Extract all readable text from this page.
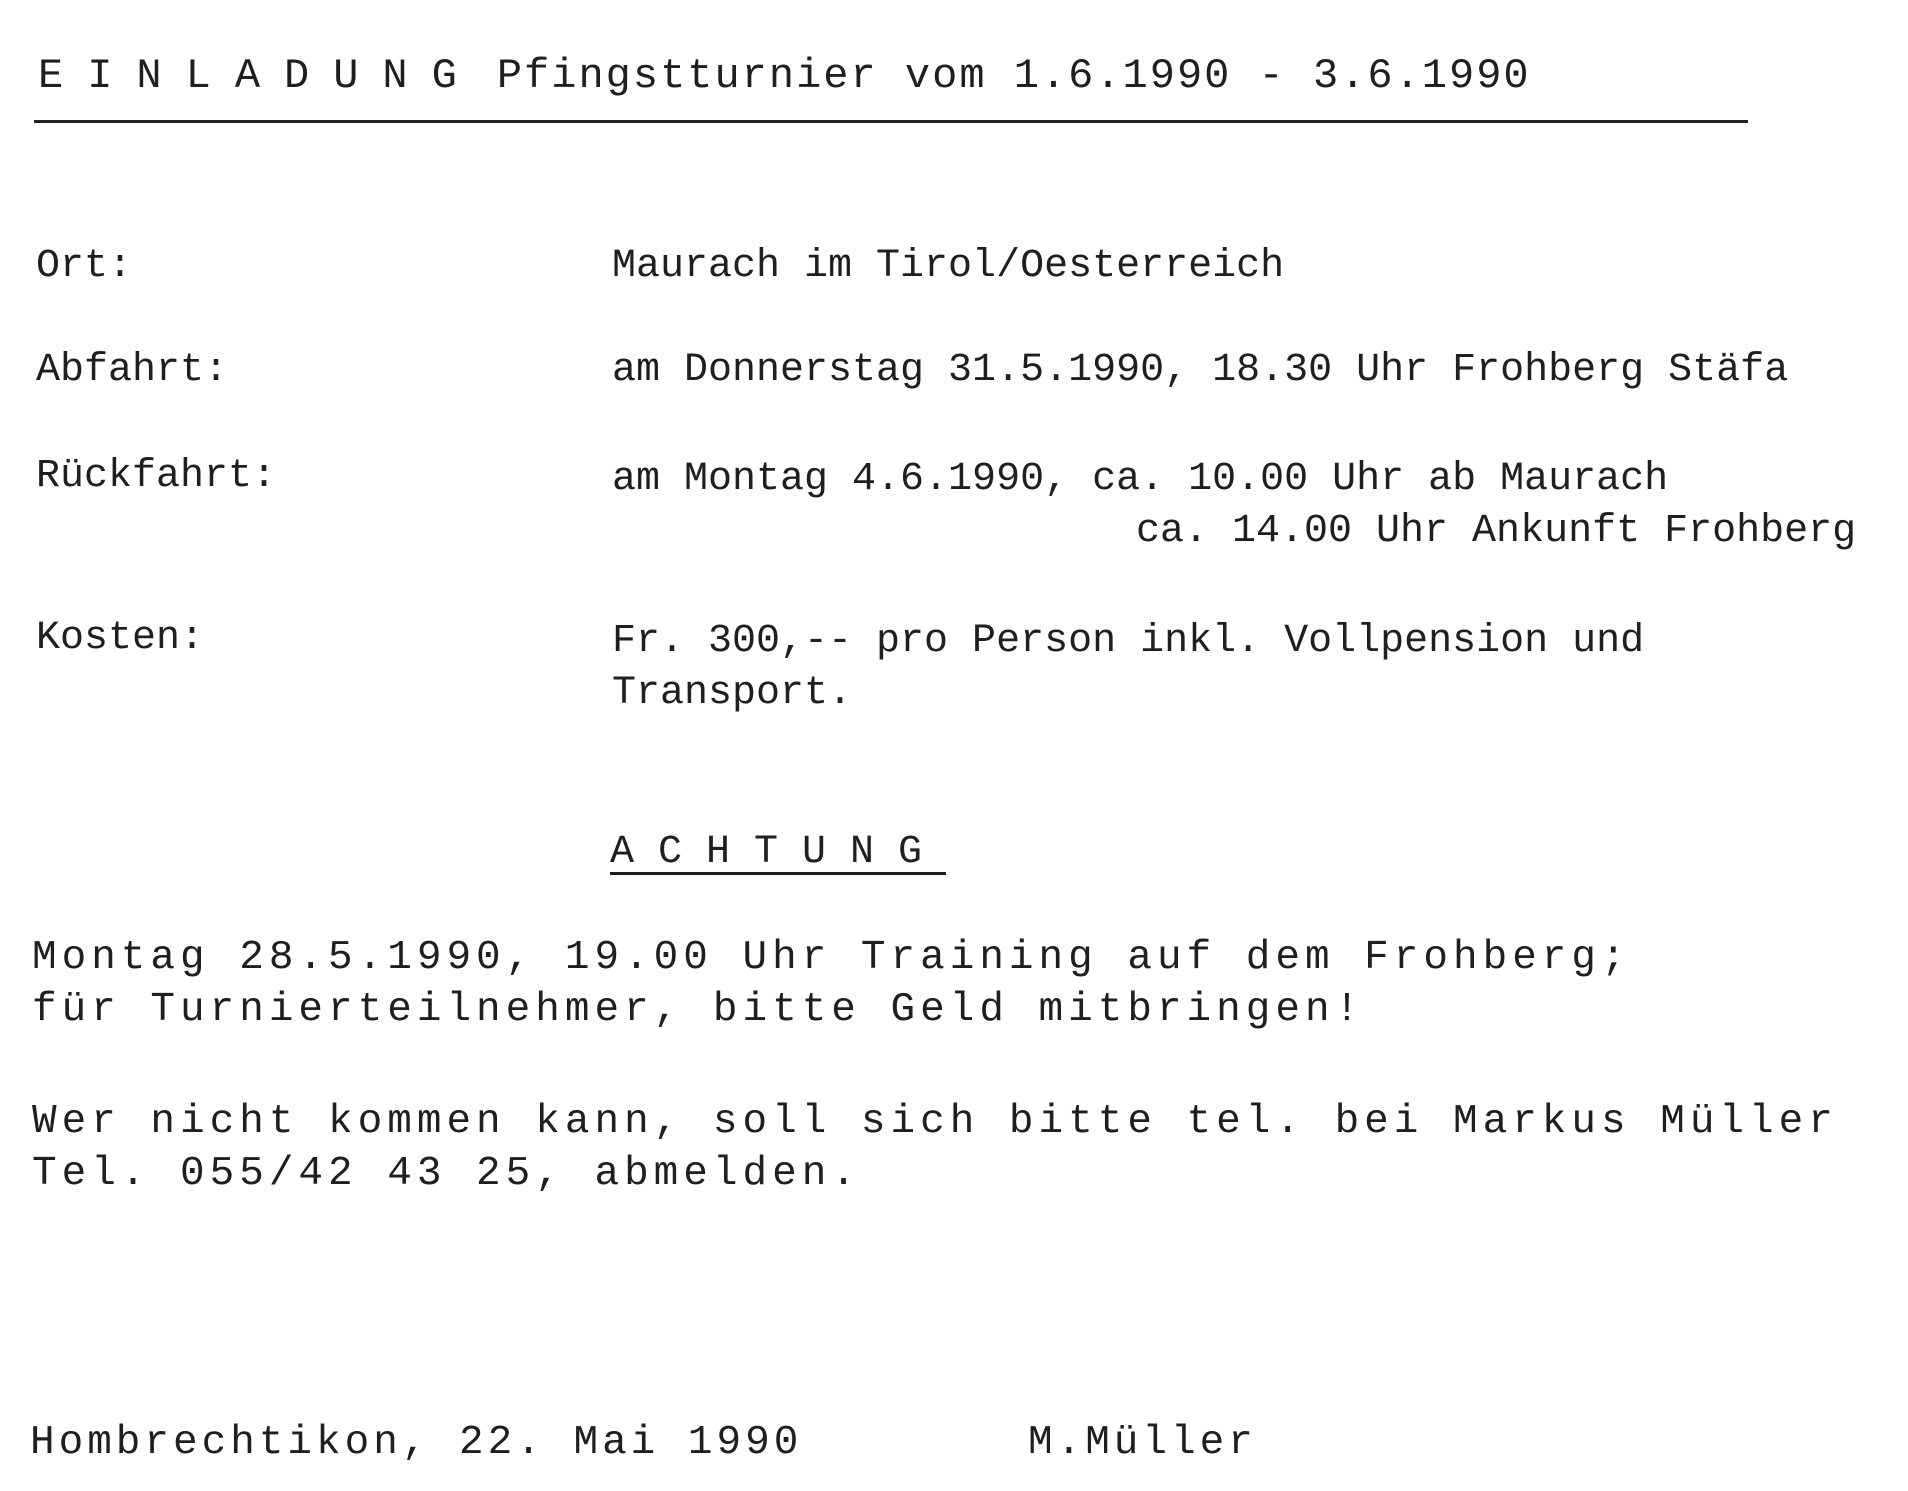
EINLADUNG Pfingstturnier vom 1.6.1990 - 3.6.1990
Ort:	Maurach im Tirol/Oesterreich
Abfahrt:	am Donnerstag 31.5.1990, 18.30 Uhr Frohberg Stäfa
Rückfahrt:	am Montag 4.6.1990, ca. 10.00 Uhr ab Maurach
ca. 14.00 Uhr Ankunft Frohberg
Kosten:	Fr. 300,-- pro Person inkl. Vollpension und
Transport.
ACHTUNG
Montag 28.5.1990, 19.00 Uhr Training auf dem Frohberg;
für Turnierteilnehmer, bitte Geld mitbringen!
Wer nicht kommen kann, soll sich bitte tel. bei Markus Müller
Tel. 055/42 43 25, abmelden.
Hombrechtikon, 22. Mai 1990	M.Müller
